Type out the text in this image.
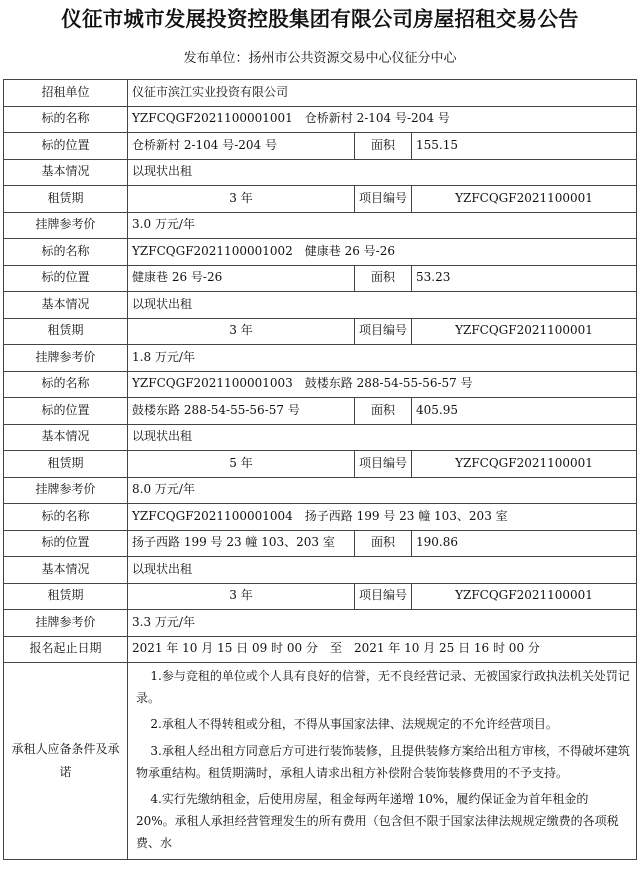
仪征市城市发展投资控股集团有限公司房屋招租交易公告
发布单位：扬州市公共资源交易中心仪征分中心
招租单位	仪征市滨江实业投资有限公司		
标的名称	YZFCQGF2021100001001　仓桥新村 2-104 号-204 号		
标的位置	仓桥新村 2-104 号-204 号	面积	155.15
基本情况	以现状出租		
租赁期	3 年	项目编号	YZFCQGF2021100001
挂牌参考价	3.0 万元/年		
标的名称	YZFCQGF2021100001002　健康巷 26 号-26		
标的位置	健康巷 26 号-26	面积	53.23
基本情况	以现状出租		
租赁期	3 年	项目编号	YZFCQGF2021100001
挂牌参考价	1.8 万元/年		
标的名称	YZFCQGF2021100001003　鼓楼东路 288-54-55-56-57 号		
标的位置	鼓楼东路 288-54-55-56-57 号	面积	405.95
基本情况	以现状出租		
租赁期	5 年	项目编号	YZFCQGF2021100001
挂牌参考价	8.0 万元/年		
标的名称	YZFCQGF2021100001004　扬子西路 199 号 23 幢 103、203 室		
标的位置	扬子西路 199 号 23 幢 103、203 室	面积	190.86
基本情况	以现状出租		
租赁期	3 年	项目编号	YZFCQGF2021100001
挂牌参考价	3.3 万元/年		
报名起止日期	2021 年 10 月 15 日 09 时 00 分　至　2021 年 10 月 25 日 16 时 00 分		
承租人应备条件及承诺	1.参与竞租的单位或个人具有良好的信誉，无不良经营记录、无被国家行政执法机关处罚记录。

2.承租人不得转租或分租，不得从事国家法律、法规规定的不允许经营项目。

3.承租人经出租方同意后方可进行装饰装修，且提供装修方案给出租方审核，不得破坏建筑物承重结构。租赁期满时，承租人请求出租方补偿附合装饰装修费用的不予支持。

4.实行先缴纳租金，后使用房屋，租金每两年递增 10%，履约保证金为首年租金的 20%。承租人承担经营管理发生的所有费用（包含但不限于国家法律法规规定缴费的各项税费、水		
